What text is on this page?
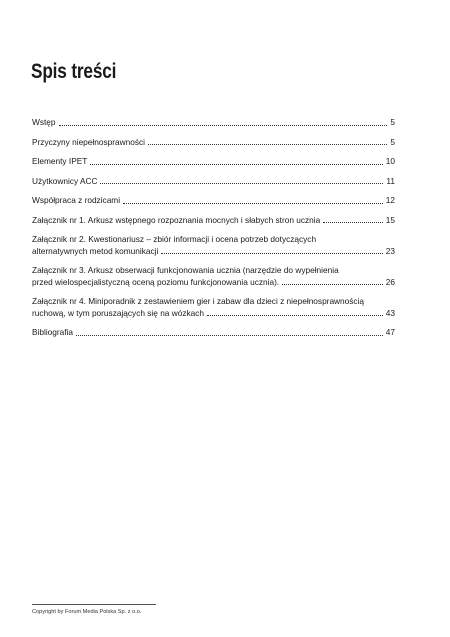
Spis treści
Wstęp	5
Przyczyny niepełnosprawności	5
Elementy IPET	10
Użytkownicy ACC	11
Współpraca z rodzicami	12
Załącznik nr 1. Arkusz wstępnego rozpoznania mocnych i słabych stron ucznia	15
Załącznik nr 2. Kwestionariusz – zbiór informacji i ocena potrzeb dotyczących
alternatywnych metod komunikacji	23
Załącznik nr 3. Arkusz obserwacji funkcjonowania ucznia (narzędzie do wypełnienia
przed wielospecjalistyczną oceną poziomu funkcjonowania ucznia).	26
Załącznik nr 4. Miniporadnik z zestawieniem gier i zabaw dla dzieci z niepełnosprawnością
ruchową, w tym poruszających się na wózkach	43
Bibliografia	47
Copyright by Forum Media Polska Sp. z o.o.
